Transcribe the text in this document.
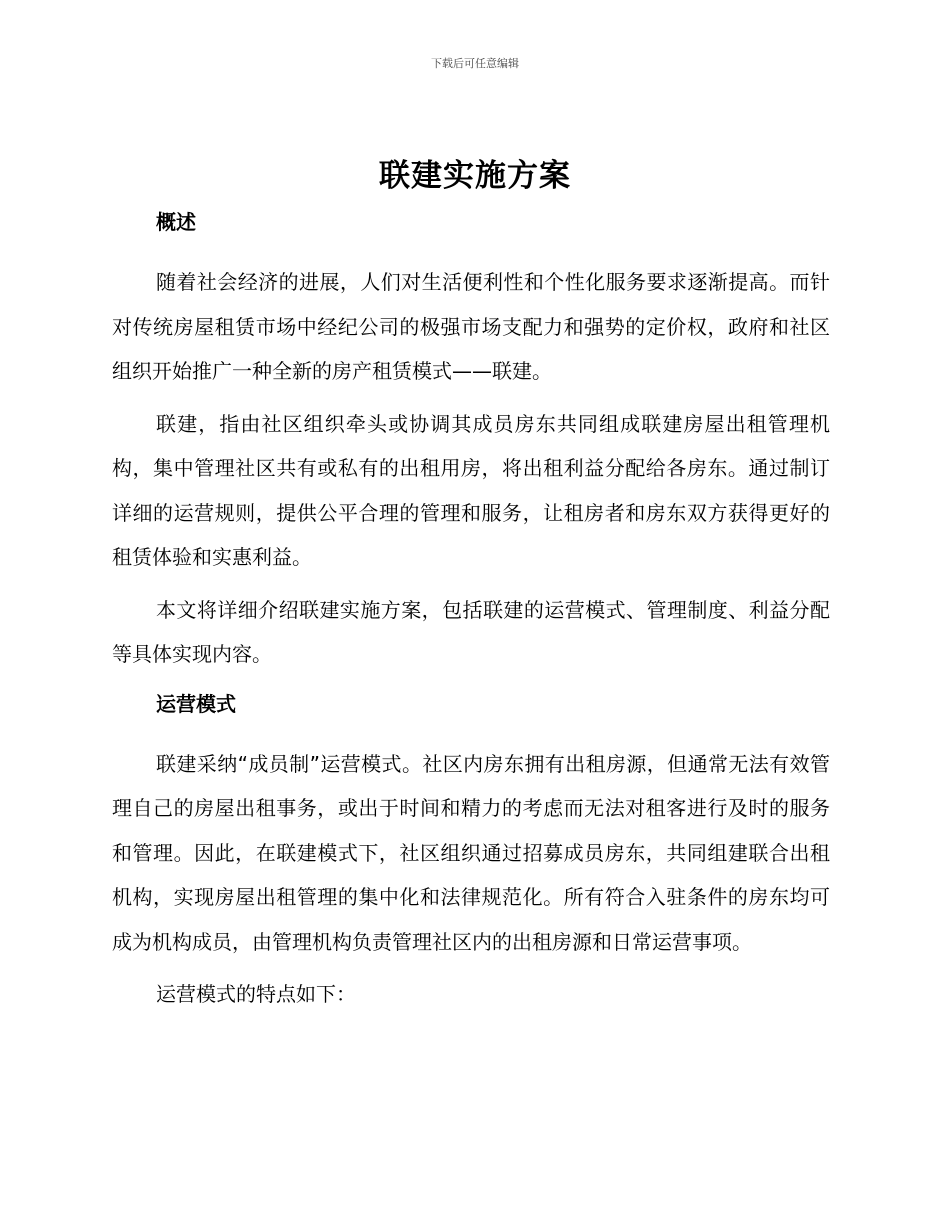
下载后可任意编辑
联建实施方案
概述

随着社会经济的进展，人们对生活便利性和个性化服务要求逐渐提高。而针对传统房屋租赁市场中经纪公司的极强市场支配力和强势的定价权，政府和社区组织开始推广一种全新的房产租赁模式——联建。

联建，指由社区组织牵头或协调其成员房东共同组成联建房屋出租管理机构，集中管理社区共有或私有的出租用房，将出租利益分配给各房东。通过制订详细的运营规则，提供公平合理的管理和服务，让租房者和房东双方获得更好的租赁体验和实惠利益。

本文将详细介绍联建实施方案，包括联建的运营模式、管理制度、利益分配等具体实现内容。

运营模式

联建采纳“成员制”运营模式。社区内房东拥有出租房源，但通常无法有效管理自己的房屋出租事务，或出于时间和精力的考虑而无法对租客进行及时的服务和管理。因此，在联建模式下，社区组织通过招募成员房东，共同组建联合出租机构，实现房屋出租管理的集中化和法律规范化。所有符合入驻条件的房东均可成为机构成员，由管理机构负责管理社区内的出租房源和日常运营事项。

运营模式的特点如下：
